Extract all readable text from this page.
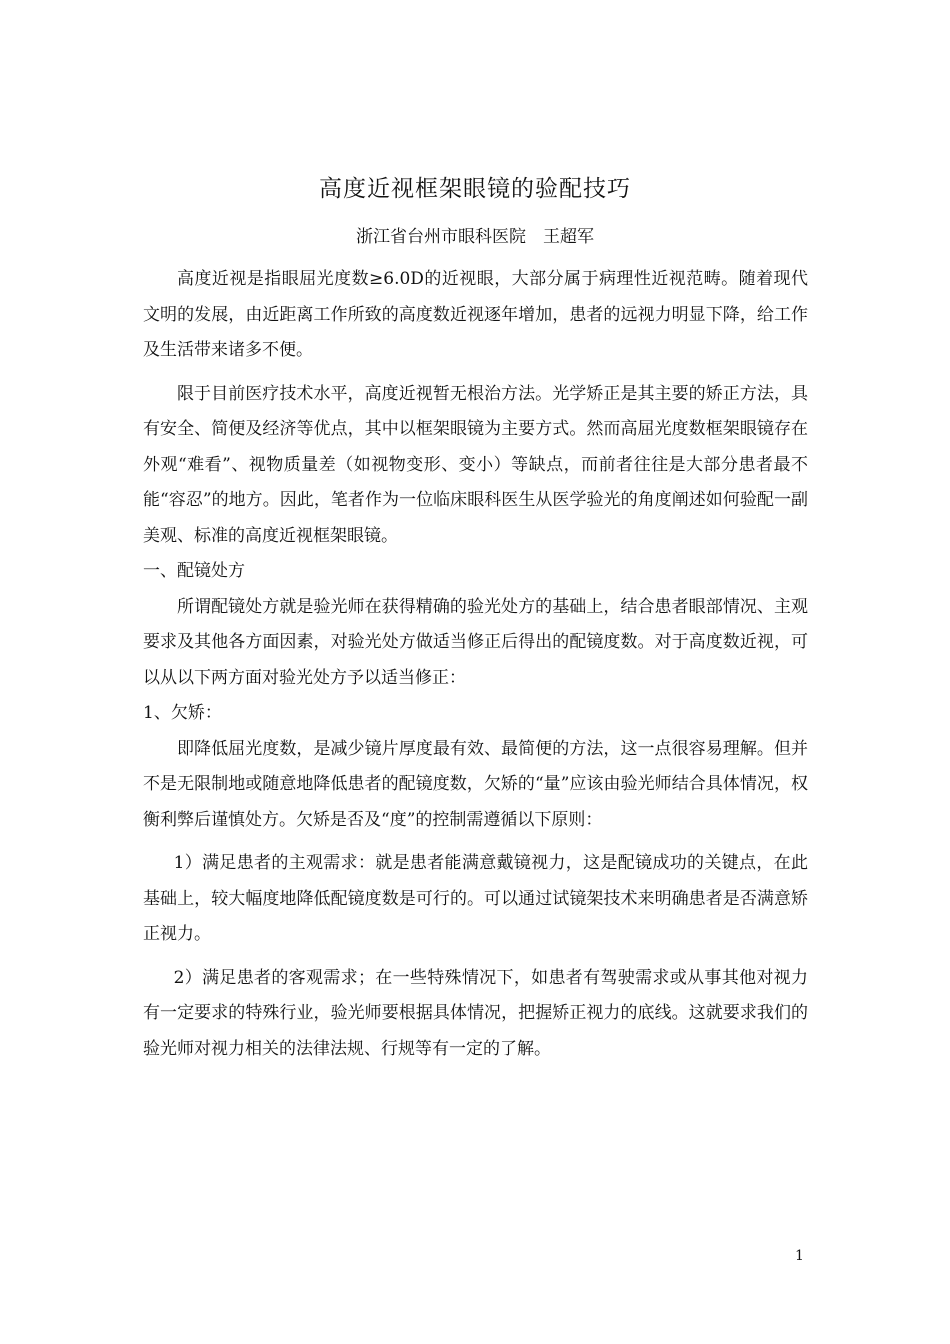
高度近视框架眼镜的验配技巧
浙江省台州市眼科医院　王超军

高度近视是指眼屈光度数≥6.0D的近视眼，大部分属于病理性近视范畴。随着现代文明的发展，由近距离工作所致的高度数近视逐年增加，患者的远视力明显下降，给工作及生活带来诸多不便。

限于目前医疗技术水平，高度近视暂无根治方法。光学矫正是其主要的矫正方法，具有安全、简便及经济等优点，其中以框架眼镜为主要方式。然而高屈光度数框架眼镜存在外观“难看”、视物质量差（如视物变形、变小）等缺点，而前者往往是大部分患者最不能“容忍”的地方。因此，笔者作为一位临床眼科医生从医学验光的角度阐述如何验配一副美观、标准的高度近视框架眼镜。

一、配镜处方

所谓配镜处方就是验光师在获得精确的验光处方的基础上，结合患者眼部情况、主观要求及其他各方面因素，对验光处方做适当修正后得出的配镜度数。对于高度数近视，可以从以下两方面对验光处方予以适当修正：

1、欠矫：

即降低屈光度数，是减少镜片厚度最有效、最简便的方法，这一点很容易理解。但并不是无限制地或随意地降低患者的配镜度数，欠矫的“量”应该由验光师结合具体情况，权衡利弊后谨慎处方。欠矫是否及“度”的控制需遵循以下原则：

1）满足患者的主观需求：就是患者能满意戴镜视力，这是配镜成功的关键点，在此基础上，较大幅度地降低配镜度数是可行的。可以通过试镜架技术来明确患者是否满意矫正视力。

2）满足患者的客观需求；在一些特殊情况下，如患者有驾驶需求或从事其他对视力有一定要求的特殊行业，验光师要根据具体情况，把握矫正视力的底线。这就要求我们的验光师对视力相关的法律法规、行规等有一定的了解。

1
